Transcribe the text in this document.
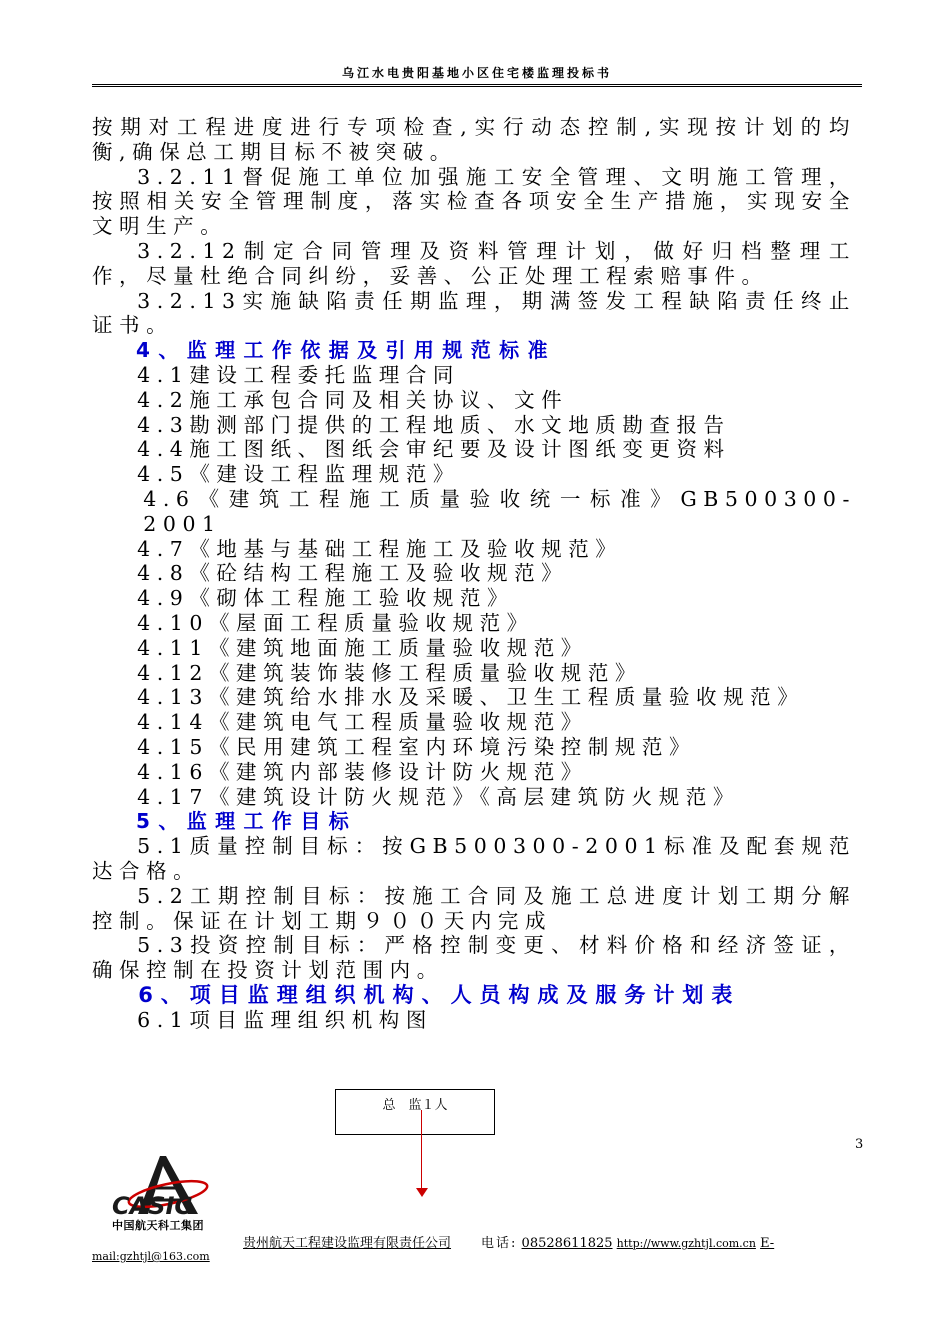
乌江水电贵阳基地小区住宅楼监理投标书

按期对工程进度进行专项检查,实行动态控制,实现按计划的均衡,确保总工期目标不被突破。

3.2.11督促施工单位加强施工安全管理、文明施工管理，按照相关安全管理制度，落实检查各项安全生产措施，实现安全文明生产。

3.2.12制定合同管理及资料管理计划，做好归档整理工作，尽量杜绝合同纠纷，妥善、公正处理工程索赔事件。

3.2.13实施缺陷责任期监理，期满签发工程缺陷责任终止证书。

4、监理工作依据及引用规范标准

4.1建设工程委托监理合同

4.2施工承包合同及相关协议、文件

4.3勘测部门提供的工程地质、水文地质勘查报告

4.4施工图纸、图纸会审纪要及设计图纸变更资料

4.5《建设工程监理规范》

4.6《建筑工程施工质量验收统一标准》GB500300-2001

4.7《地基与基础工程施工及验收规范》

4.8《砼结构工程施工及验收规范》

4.9《砌体工程施工验收规范》

4.10《屋面工程质量验收规范》

4.11《建筑地面施工质量验收规范》

4.12《建筑装饰装修工程质量验收规范》

4.13《建筑给水排水及采暖、卫生工程质量验收规范》

4.14《建筑电气工程质量验收规范》

4.15《民用建筑工程室内环境污染控制规范》

4.16《建筑内部装修设计防火规范》

4.17《建筑设计防火规范》《高层建筑防火规范》

5、监理工作目标

5.1质量控制目标：按GB500300-2001标准及配套规范达合格。

5.2工期控制目标：按施工合同及施工总进度计划工期分解控制。保证在计划工期９００天内完成

5.3投资控制目标：严格控制变更、材料价格和经济签证，确保控制在投资计划范围内。

6、项目监理组织机构、人员构成及服务计划表

6.1项目监理组织机构图

总　监１人
3
CASIC
中国航天科工集团
贵州航天工程建设监理有限责任公司 电话: 08528611825 http://www.gzhtjl.com.cn E-
mail:gzhtjl@163.com
